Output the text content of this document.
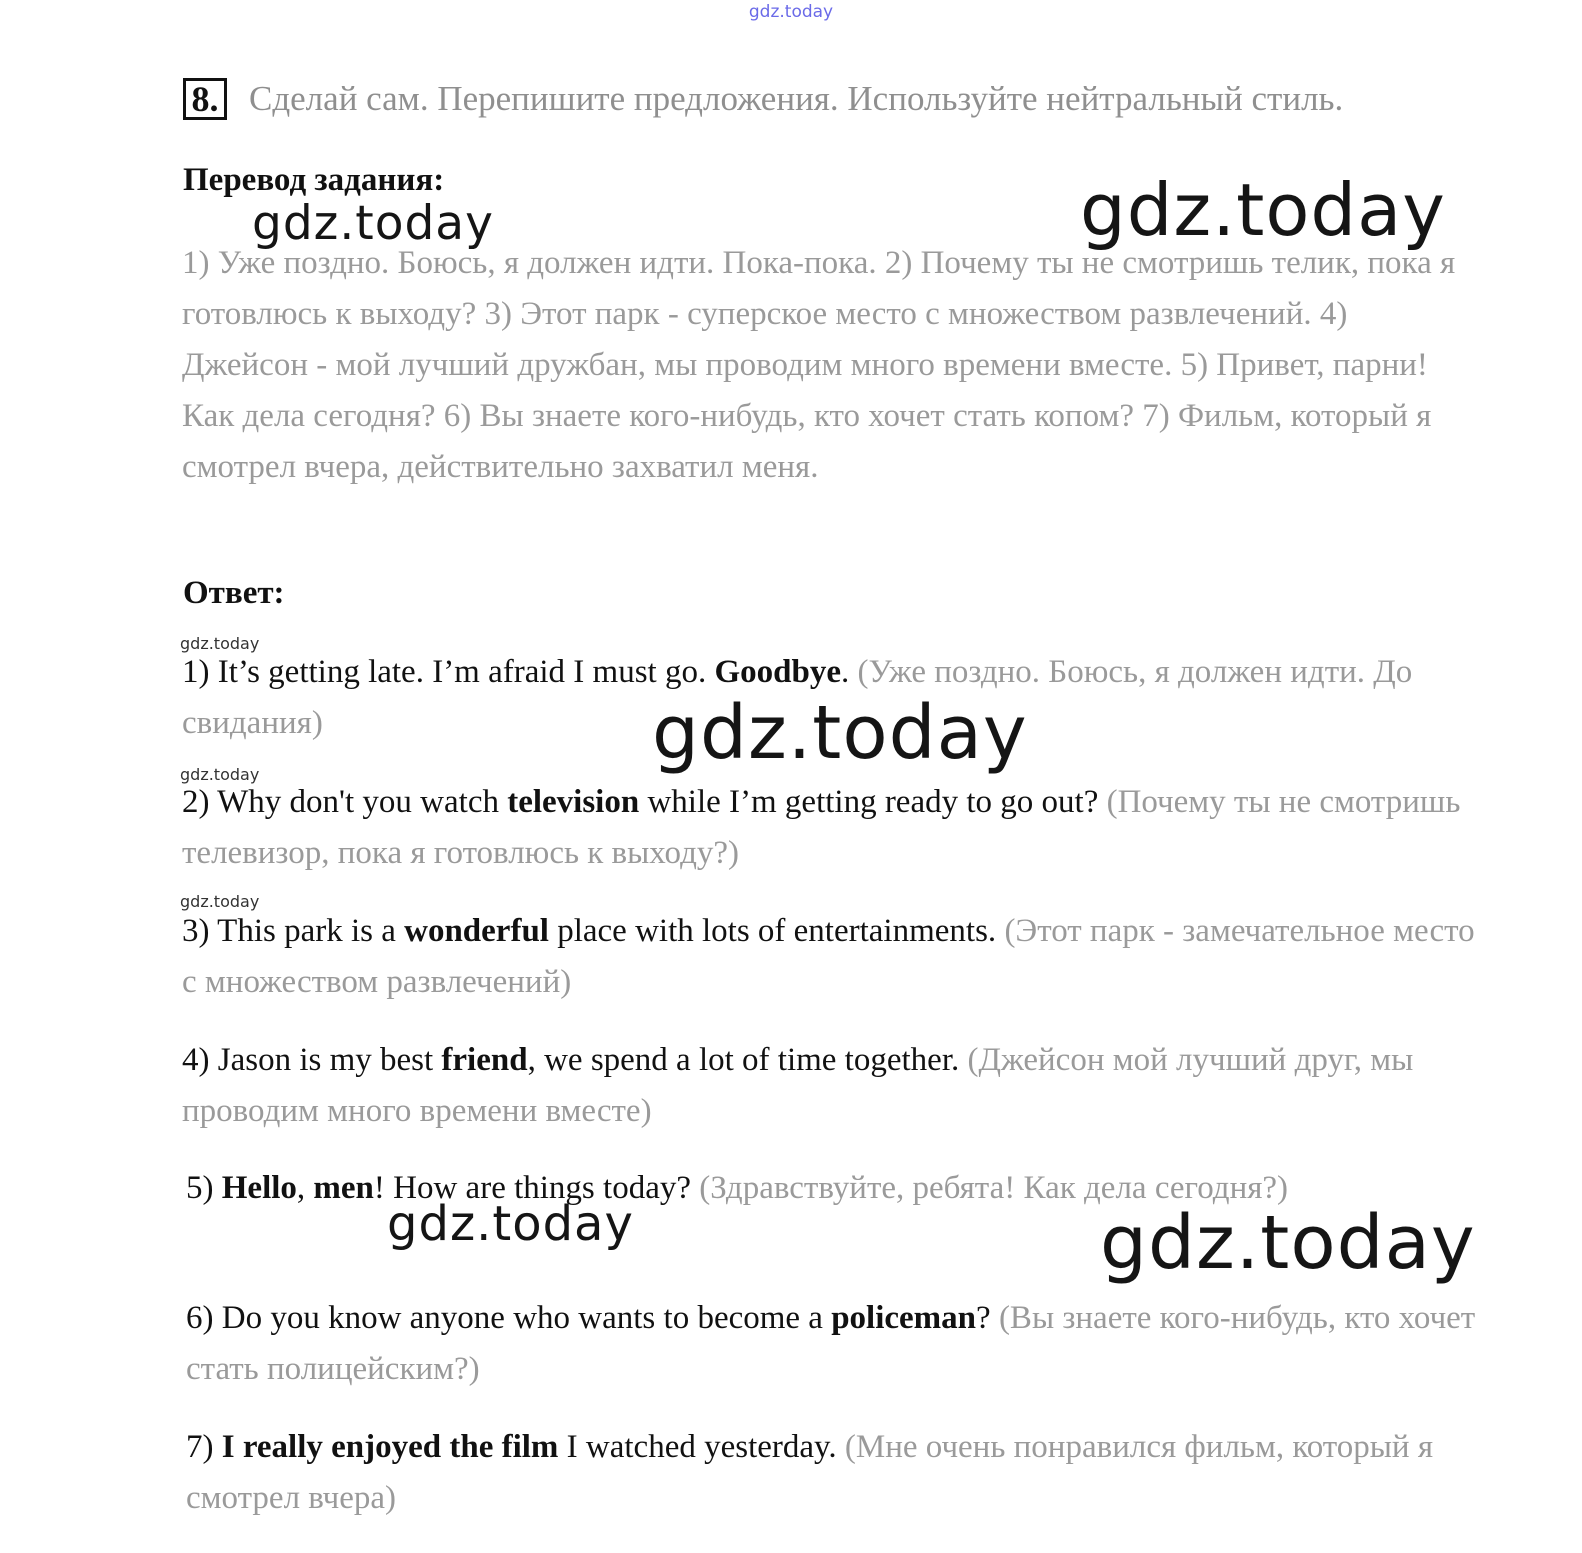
gdz.today
8. Сделай сам. Перепишите предложения. Используйте нейтральный стиль.
Перевод задания:
1) Уже поздно. Боюсь, я должен идти. Пока-пока. 2) Почему ты не смотришь телик, пока я готовлюсь к выходу? 3) Этот парк - суперское место с множеством развлечений. 4) Джейсон - мой лучший дружбан, мы проводим много времени вместе. 5) Привет, парни! Как дела сегодня? 6) Вы знаете кого-нибудь, кто хочет стать копом? 7) Фильм, который я смотрел вчера, действительно захватил меня.
Ответ:
1) It’s getting late. I’m afraid I must go. Goodbye. (Уже поздно. Боюсь, я должен идти. До свидания)
2) Why don't you watch television while I’m getting ready to go out? (Почему ты не смотришь телевизор, пока я готовлюсь к выходу?)
3) This park is a wonderful place with lots of entertainments. (Этот парк - замечательное место с множеством развлечений)
4) Jason is my best friend, we spend a lot of time together. (Джейсон мой лучший друг, мы проводим много времени вместе)
5) Hello, men! How are things today? (Здравствуйте, ребята! Как дела сегодня?)
6) Do you know anyone who wants to become a policeman? (Вы знаете кого-нибудь, кто хочет стать полицейским?)
7) I really enjoyed the film I watched yesterday. (Мне очень понравился фильм, который я смотрел вчера)
gdz.today	gdz.today
gdz.today
gdz.today	gdz.today
gdz.today
gdz.today
gdz.today
